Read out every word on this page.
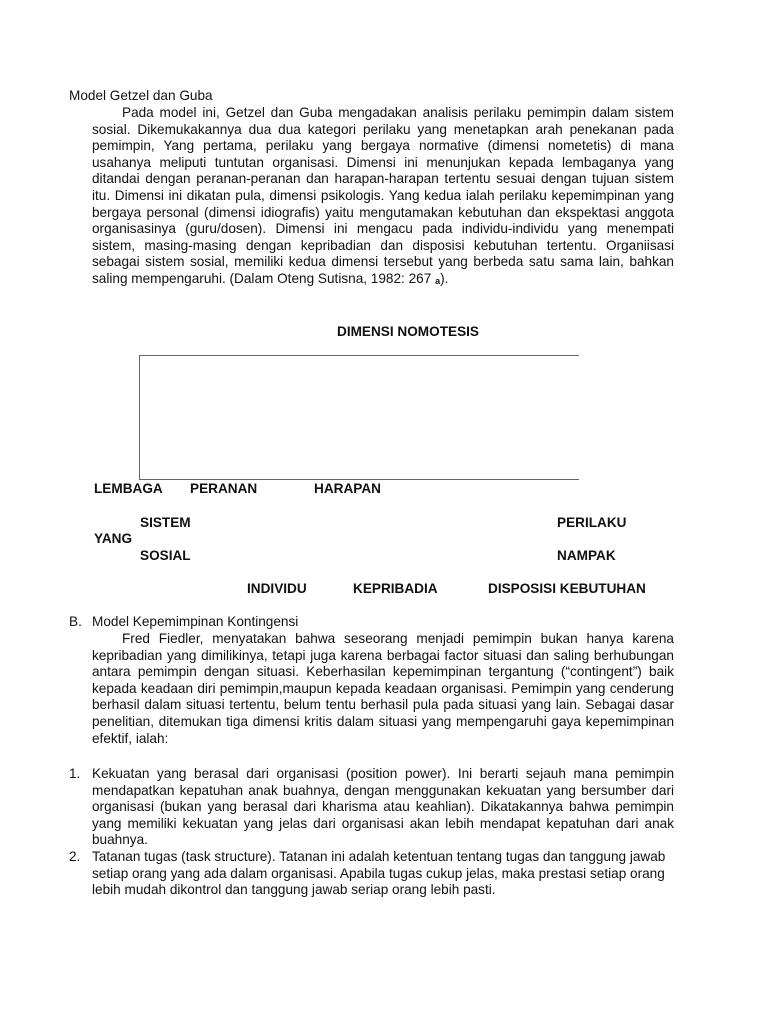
Model Getzel dan Guba
Pada model ini, Getzel dan Guba mengadakan analisis perilaku pemimpin dalam sistem sosial. Dikemukakannya dua dua kategori perilaku yang menetapkan arah penekanan pada pemimpin, Yang pertama, perilaku yang bergaya normative (dimensi nometetis) di mana usahanya meliputi tuntutan organisasi. Dimensi ini menunjukan kepada lembaganya yang ditandai dengan peranan-peranan dan harapan-harapan tertentu sesuai dengan tujuan sistem itu. Dimensi ini dikatan pula, dimensi psikologis. Yang kedua ialah perilaku kepemimpinan yang bergaya personal (dimensi idiografis) yaitu mengutamakan kebutuhan dan ekspektasi anggota organisasinya (guru/dosen). Dimensi ini mengacu pada individu-individu yang menempati sistem, masing-masing dengan kepribadian dan disposisi kebutuhan tertentu. Organiisasi sebagai sistem sosial, memiliki kedua dimensi tersebut yang berbeda satu sama lain, bahkan saling mempengaruhi. (Dalam Oteng Sutisna, 1982: 267 a).
DIMENSI NOMOTESIS
LEMBAGA PERANAN	HARAPAN
SISTEM
YANG
SOSIAL
PERILAKU
NAMPAK
INDIVIDU	KEPRIBADIA	DISPOSISI KEBUTUHAN
B. Model Kepemimpinan Kontingensi
Fred Fiedler, menyatakan bahwa seseorang menjadi pemimpin bukan hanya karena kepribadian yang dimilikinya, tetapi juga karena berbagai factor situasi dan saling berhubungan antara pemimpin dengan situasi. Keberhasilan kepemimpinan tergantung (“contingent”) baik kepada keadaan diri pemimpin,maupun kepada keadaan organisasi. Pemimpin yang cenderung berhasil dalam situasi tertentu, belum tentu berhasil pula pada situasi yang lain. Sebagai dasar penelitian, ditemukan tiga dimensi kritis dalam situasi yang mempengaruhi gaya kepemimpinan efektif, ialah:
1. Kekuatan yang berasal dari organisasi (position power). Ini berarti sejauh mana pemimpin mendapatkan kepatuhan anak buahnya, dengan menggunakan kekuatan yang bersumber dari organisasi (bukan yang berasal dari kharisma atau keahlian). Dikatakannya bahwa pemimpin yang memiliki kekuatan yang jelas dari organisasi akan lebih mendapat kepatuhan dari anak buahnya.
2. Tatanan tugas (task structure). Tatanan ini adalah ketentuan tentang tugas dan tanggung jawab setiap orang yang ada dalam organisasi. Apabila tugas cukup jelas, maka prestasi setiap orang lebih mudah dikontrol dan tanggung jawab seriap orang lebih pasti.
